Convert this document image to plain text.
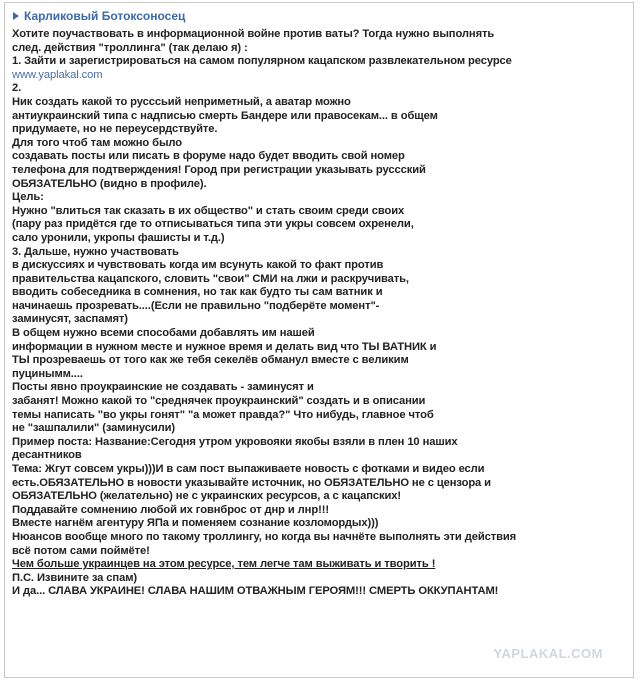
Карликовый Ботоксоносец

Хотите поучаствовать в информационной войне против ваты? Тогда нужно выполнять

след. действия "троллинга" (так делаю я) :

1. Зайти и зарегистрироваться на самом популярном кацапском развлекательном ресурсе

www.yaplakal.com

2.

Ник создать какой то русссьий неприметный, а аватар можно

антиукраинский типа с надписью смерть Бандере или правосекам... в общем

придумаете, но не переусердствуйте.

Для того чтоб там можно было

создавать посты или писать в форуме надо будет вводить свой номер

телефона для подтверждения! Город при регистрации указывать руссский

ОБЯЗАТЕЛЬНО (видно в профиле).

Цель:

Нужно "влиться так сказать в их общество" и стать своим среди своих

(пару раз придётся где то отписываться типа эти укры совсем охренели,

сало уронили, укропы фашисты и т.д.)

3. Дальше, нужно участвовать

в дискуссиях и чувствовать когда им всунуть какой то факт против

правительства кацапского, словить "свои" СМИ на лжи и раскручивать,

вводить собеседника в сомнения, но так как будто ты сам ватник и

начинаешь прозревать....(Если не правильно "подберёте момент"-

заминусят, заспамят)

В общем нужно всеми способами добавлять им нашей

информации в нужном месте и нужное время и делать вид что ТЫ ВАТНИК и

ТЫ прозреваешь от того как же тебя секелёв обманул вместе с великим

пуцинымм....

Посты явно проукраинские не создавать - заминусят и

забанят! Можно какой то "среднячек проукраинский" создать и в описании

темы написать "во укры гонят" "а может правда?" Что нибудь, главное чтоб

не "зашпалили" (заминусили)

Пример поста: Название:Сегодня утром укровояки якобы взяли в плен 10 наших

десантников

Тема: Жгут совсем укры)))И в сам пост выпаживаете новость с фотками и видео если

есть.ОБЯЗАТЕЛЬНО в новости указывайте источник, но ОБЯЗАТЕЛЬНО не с цензора и

ОБЯЗАТЕЛЬНО (желательно) не с украинских ресурсов, а с кацапских!

Поддавайте сомнению любой их говнброс от днр и лнр!!!

Вместе нагнём агентуру ЯПа и поменяем сознание козломордых)))

Нюансов вообще много по такому троллингу, но когда вы начнёте выполнять эти действия

всё потом сами поймёте!

Чем больше украинцев на этом ресурсе, тем легче там выживать и творить !

П.С. Извините за спам)

И да... СЛАВА УКРАИНЕ! СЛАВА НАШИМ ОТВАЖНЫМ ГЕРОЯМ!!! СМЕРТЬ ОККУПАНТАМ!

YAPLAKAL.COM
